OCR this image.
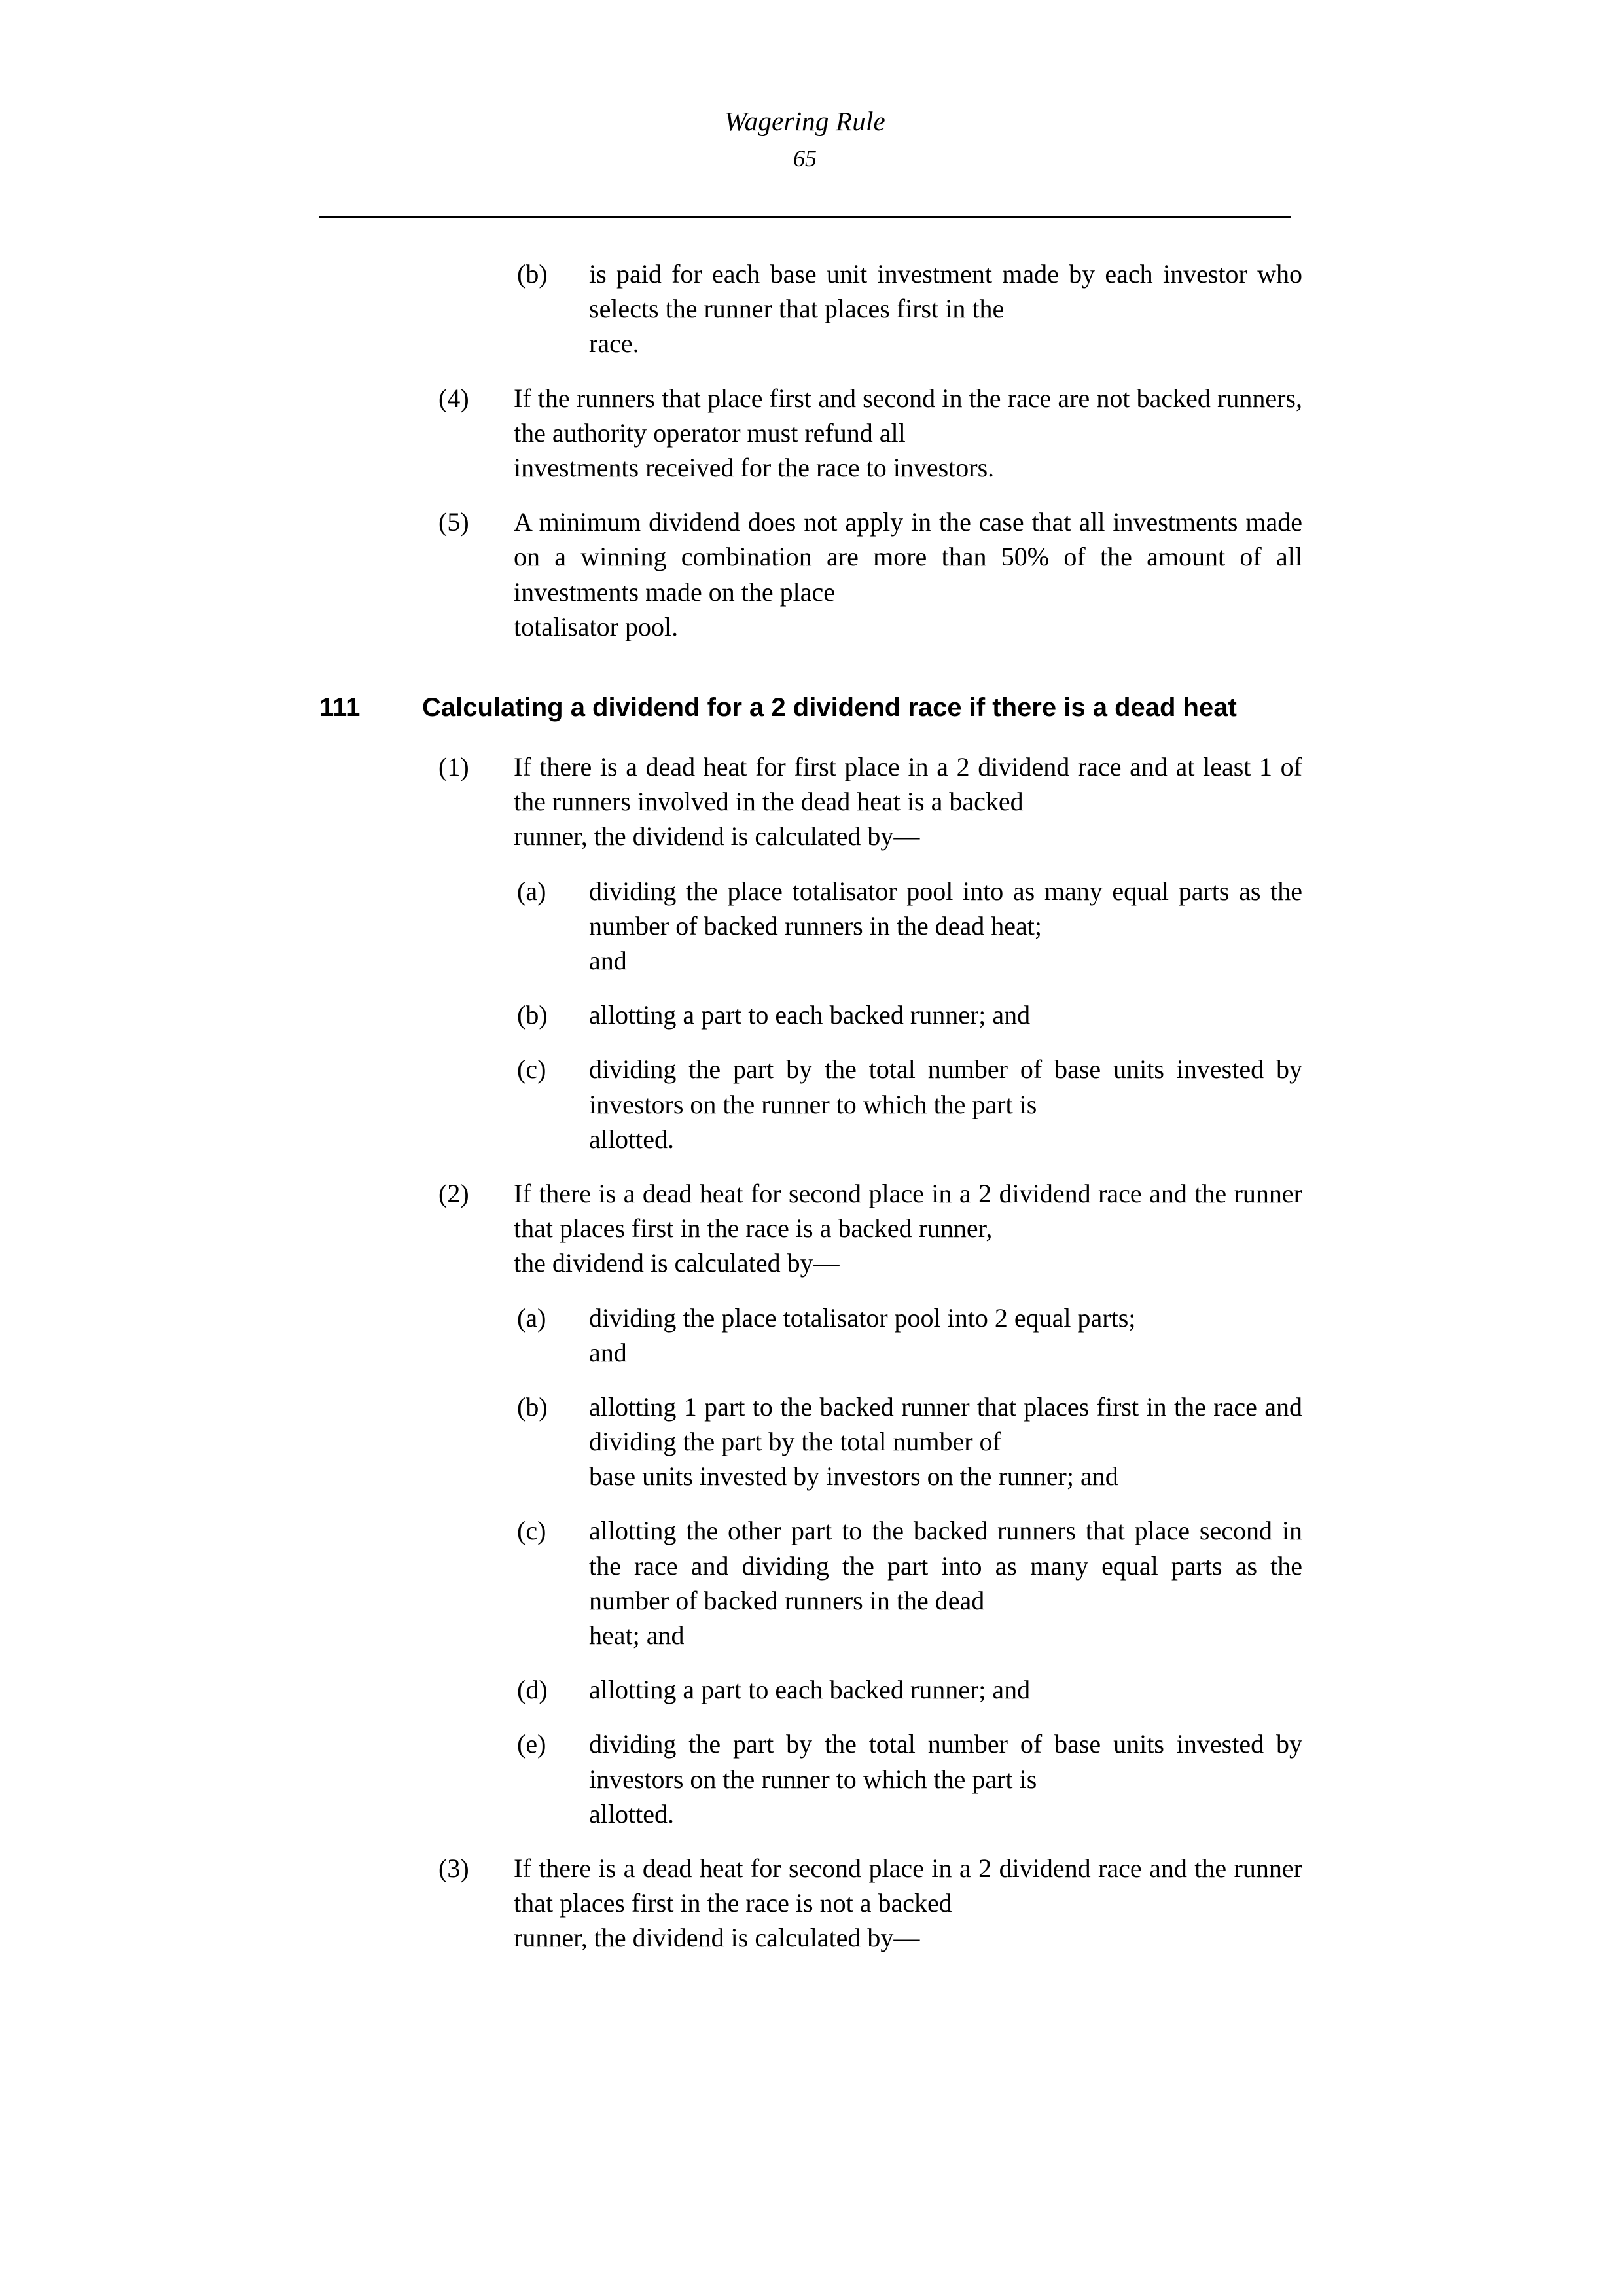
Wagering Rule
65
(b)	is paid for each base unit investment made by each investor who selects the runner that places first in the
race.
(4)	If the runners that place first and second in the race are not backed runners, the authority operator must refund all
investments received for the race to investors.
(5)	A minimum dividend does not apply in the case that all investments made on a winning combination are more than 50% of the amount of all investments made on the place
totalisator pool.
111	Calculating a dividend for a 2 dividend race if there is a dead heat
(1)	If there is a dead heat for first place in a 2 dividend race and at least 1 of the runners involved in the dead heat is a backed
runner, the dividend is calculated by—
(a)	dividing the place totalisator pool into as many equal parts as the number of backed runners in the dead heat;
and
(b)	allotting a part to each backed runner; and
(c)	dividing the part by the total number of base units invested by investors on the runner to which the part is
allotted.
(2)	If there is a dead heat for second place in a 2 dividend race and the runner that places first in the race is a backed runner,
the dividend is calculated by—
(a)	dividing the place totalisator pool into 2 equal parts;
and
(b)	allotting 1 part to the backed runner that places first in the race and dividing the part by the total number of
base units invested by investors on the runner; and
(c)	allotting the other part to the backed runners that place second in the race and dividing the part into as many equal parts as the number of backed runners in the dead
heat; and
(d)	allotting a part to each backed runner; and
(e)	dividing the part by the total number of base units invested by investors on the runner to which the part is
allotted.
(3)	If there is a dead heat for second place in a 2 dividend race and the runner that places first in the race is not a backed
runner, the dividend is calculated by—
